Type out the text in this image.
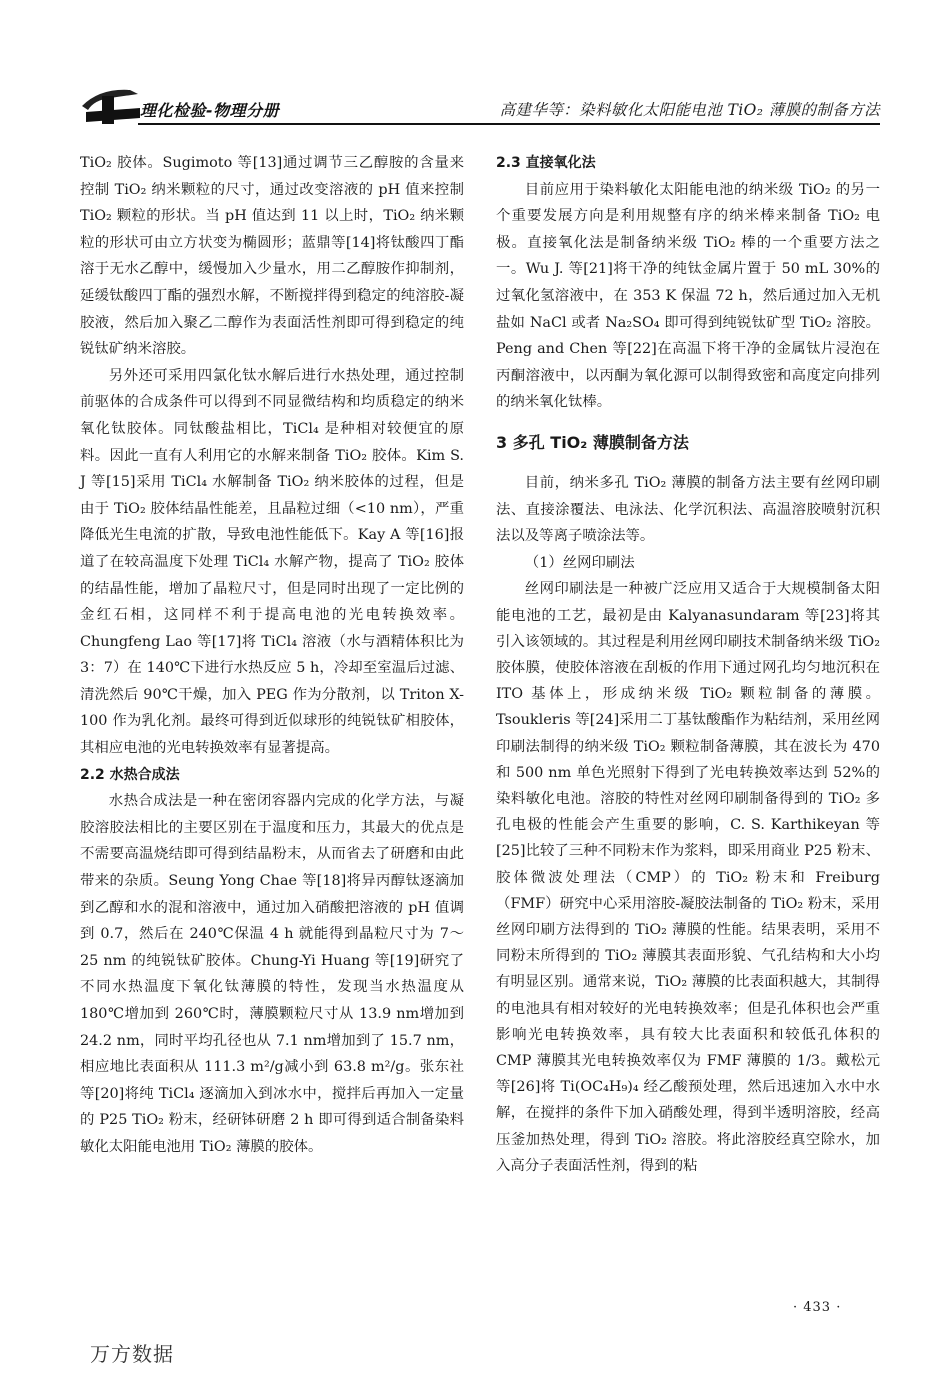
理化检验-物理分册	高建华等：染料敏化太阳能电池 TiO₂ 薄膜的制备方法

TiO₂ 胶体。Sugimoto 等[13]通过调节三乙醇胺的含量来控制 TiO₂ 纳米颗粒的尺寸，通过改变溶液的 pH 值来控制 TiO₂ 颗粒的形状。当 pH 值达到 11 以上时，TiO₂ 纳米颗粒的形状可由立方状变为椭圆形；蓝鼎等[14]将钛酸四丁酯溶于无水乙醇中，缓慢加入少量水，用二乙醇胺作抑制剂，延缓钛酸四丁酯的强烈水解，不断搅拌得到稳定的纯溶胶-凝胶液，然后加入聚乙二醇作为表面活性剂即可得到稳定的纯锐钛矿纳米溶胶。

另外还可采用四氯化钛水解后进行水热处理，通过控制前驱体的合成条件可以得到不同显微结构和均质稳定的纳米氧化钛胶体。同钛酸盐相比，TiCl₄ 是种相对较便宜的原料。因此一直有人利用它的水解来制备 TiO₂ 胶体。Kim S. J 等[15]采用 TiCl₄ 水解制备 TiO₂ 纳米胶体的过程，但是由于 TiO₂ 胶体结晶性能差，且晶粒过细（<10 nm），严重降低光生电流的扩散，导致电池性能低下。Kay A 等[16]报道了在较高温度下处理 TiCl₄ 水解产物，提高了 TiO₂ 胶体的结晶性能，增加了晶粒尺寸，但是同时出现了一定比例的金红石相，这同样不利于提高电池的光电转换效率。Chungfeng Lao 等[17]将 TiCl₄ 溶液（水与酒精体积比为 3：7）在 140℃下进行水热反应 5 h，冷却至室温后过滤、清洗然后 90℃干燥，加入 PEG 作为分散剂，以 Triton X-100 作为乳化剂。最终可得到近似球形的纯锐钛矿相胶体，其相应电池的光电转换效率有显著提高。

2.2 水热合成法

水热合成法是一种在密闭容器内完成的化学方法，与凝胶溶胶法相比的主要区别在于温度和压力，其最大的优点是不需要高温烧结即可得到结晶粉末，从而省去了研磨和由此带来的杂质。Seung Yong Chae 等[18]将异丙醇钛逐滴加到乙醇和水的混和溶液中，通过加入硝酸把溶液的 pH 值调到 0.7，然后在 240℃保温 4 h 就能得到晶粒尺寸为 7～25 nm 的纯锐钛矿胶体。Chung-Yi Huang 等[19]研究了不同水热温度下氧化钛薄膜的特性，发现当水热温度从 180℃增加到 260℃时，薄膜颗粒尺寸从 13.9 nm增加到 24.2 nm，同时平均孔径也从 7.1 nm增加到了 15.7 nm，相应地比表面积从 111.3 m²/g减小到 63.8 m²/g。张东社等[20]将纯 TiCl₄ 逐滴加入到冰水中，搅拌后再加入一定量的 P25 TiO₂ 粉末，经研钵研磨 2 h 即可得到适合制备染料敏化太阳能电池用 TiO₂ 薄膜的胶体。

2.3 直接氧化法

目前应用于染料敏化太阳能电池的纳米级 TiO₂ 的另一个重要发展方向是利用规整有序的纳米棒来制备 TiO₂ 电极。直接氧化法是制备纳米级 TiO₂ 棒的一个重要方法之一。Wu J. 等[21]将干净的纯钛金属片置于 50 mL 30%的过氧化氢溶液中，在 353 K 保温 72 h，然后通过加入无机盐如 NaCl 或者 Na₂SO₄ 即可得到纯锐钛矿型 TiO₂ 溶胶。Peng and Chen 等[22]在高温下将干净的金属钛片浸泡在丙酮溶液中，以丙酮为氧化源可以制得致密和高度定向排列的纳米氧化钛棒。

3 多孔 TiO₂ 薄膜制备方法

目前，纳米多孔 TiO₂ 薄膜的制备方法主要有丝网印刷法、直接涂覆法、电泳法、化学沉积法、高温溶胶喷射沉积法以及等离子喷涂法等。

（1）丝网印刷法

丝网印刷法是一种被广泛应用又适合于大规模制备太阳能电池的工艺，最初是由 Kalyanasundaram 等[23]将其引入该领域的。其过程是利用丝网印刷技术制备纳米级 TiO₂ 胶体膜，使胶体溶液在刮板的作用下通过网孔均匀地沉积在 ITO 基体上，形成纳米级 TiO₂ 颗粒制备的薄膜。Tsoukleris 等[24]采用二丁基钛酸酯作为粘结剂，采用丝网印刷法制得的纳米级 TiO₂ 颗粒制备薄膜，其在波长为 470 和 500 nm 单色光照射下得到了光电转换效率达到 52%的染料敏化电池。溶胶的特性对丝网印刷制备得到的 TiO₂ 多孔电极的性能会产生重要的影响，C. S. Karthikeyan 等[25]比较了三种不同粉末作为浆料，即采用商业 P25 粉末、胶体微波处理法（CMP）的 TiO₂ 粉末和 Freiburg（FMF）研究中心采用溶胶-凝胶法制备的 TiO₂ 粉末，采用丝网印刷方法得到的 TiO₂ 薄膜的性能。结果表明，采用不同粉末所得到的 TiO₂ 薄膜其表面形貌、气孔结构和大小均有明显区别。通常来说，TiO₂ 薄膜的比表面积越大，其制得的电池具有相对较好的光电转换效率；但是孔体积也会严重影响光电转换效率，具有较大比表面积和较低孔体积的 CMP 薄膜其光电转换效率仅为 FMF 薄膜的 1/3。戴松元等[26]将 Ti(OC₄H₉)₄ 经乙酸预处理，然后迅速加入水中水解，在搅拌的条件下加入硝酸处理，得到半透明溶胶，经高压釜加热处理，得到 TiO₂ 溶胶。将此溶胶经真空除水，加入高分子表面活性剂，得到的粘

· 433 ·
万方数据
